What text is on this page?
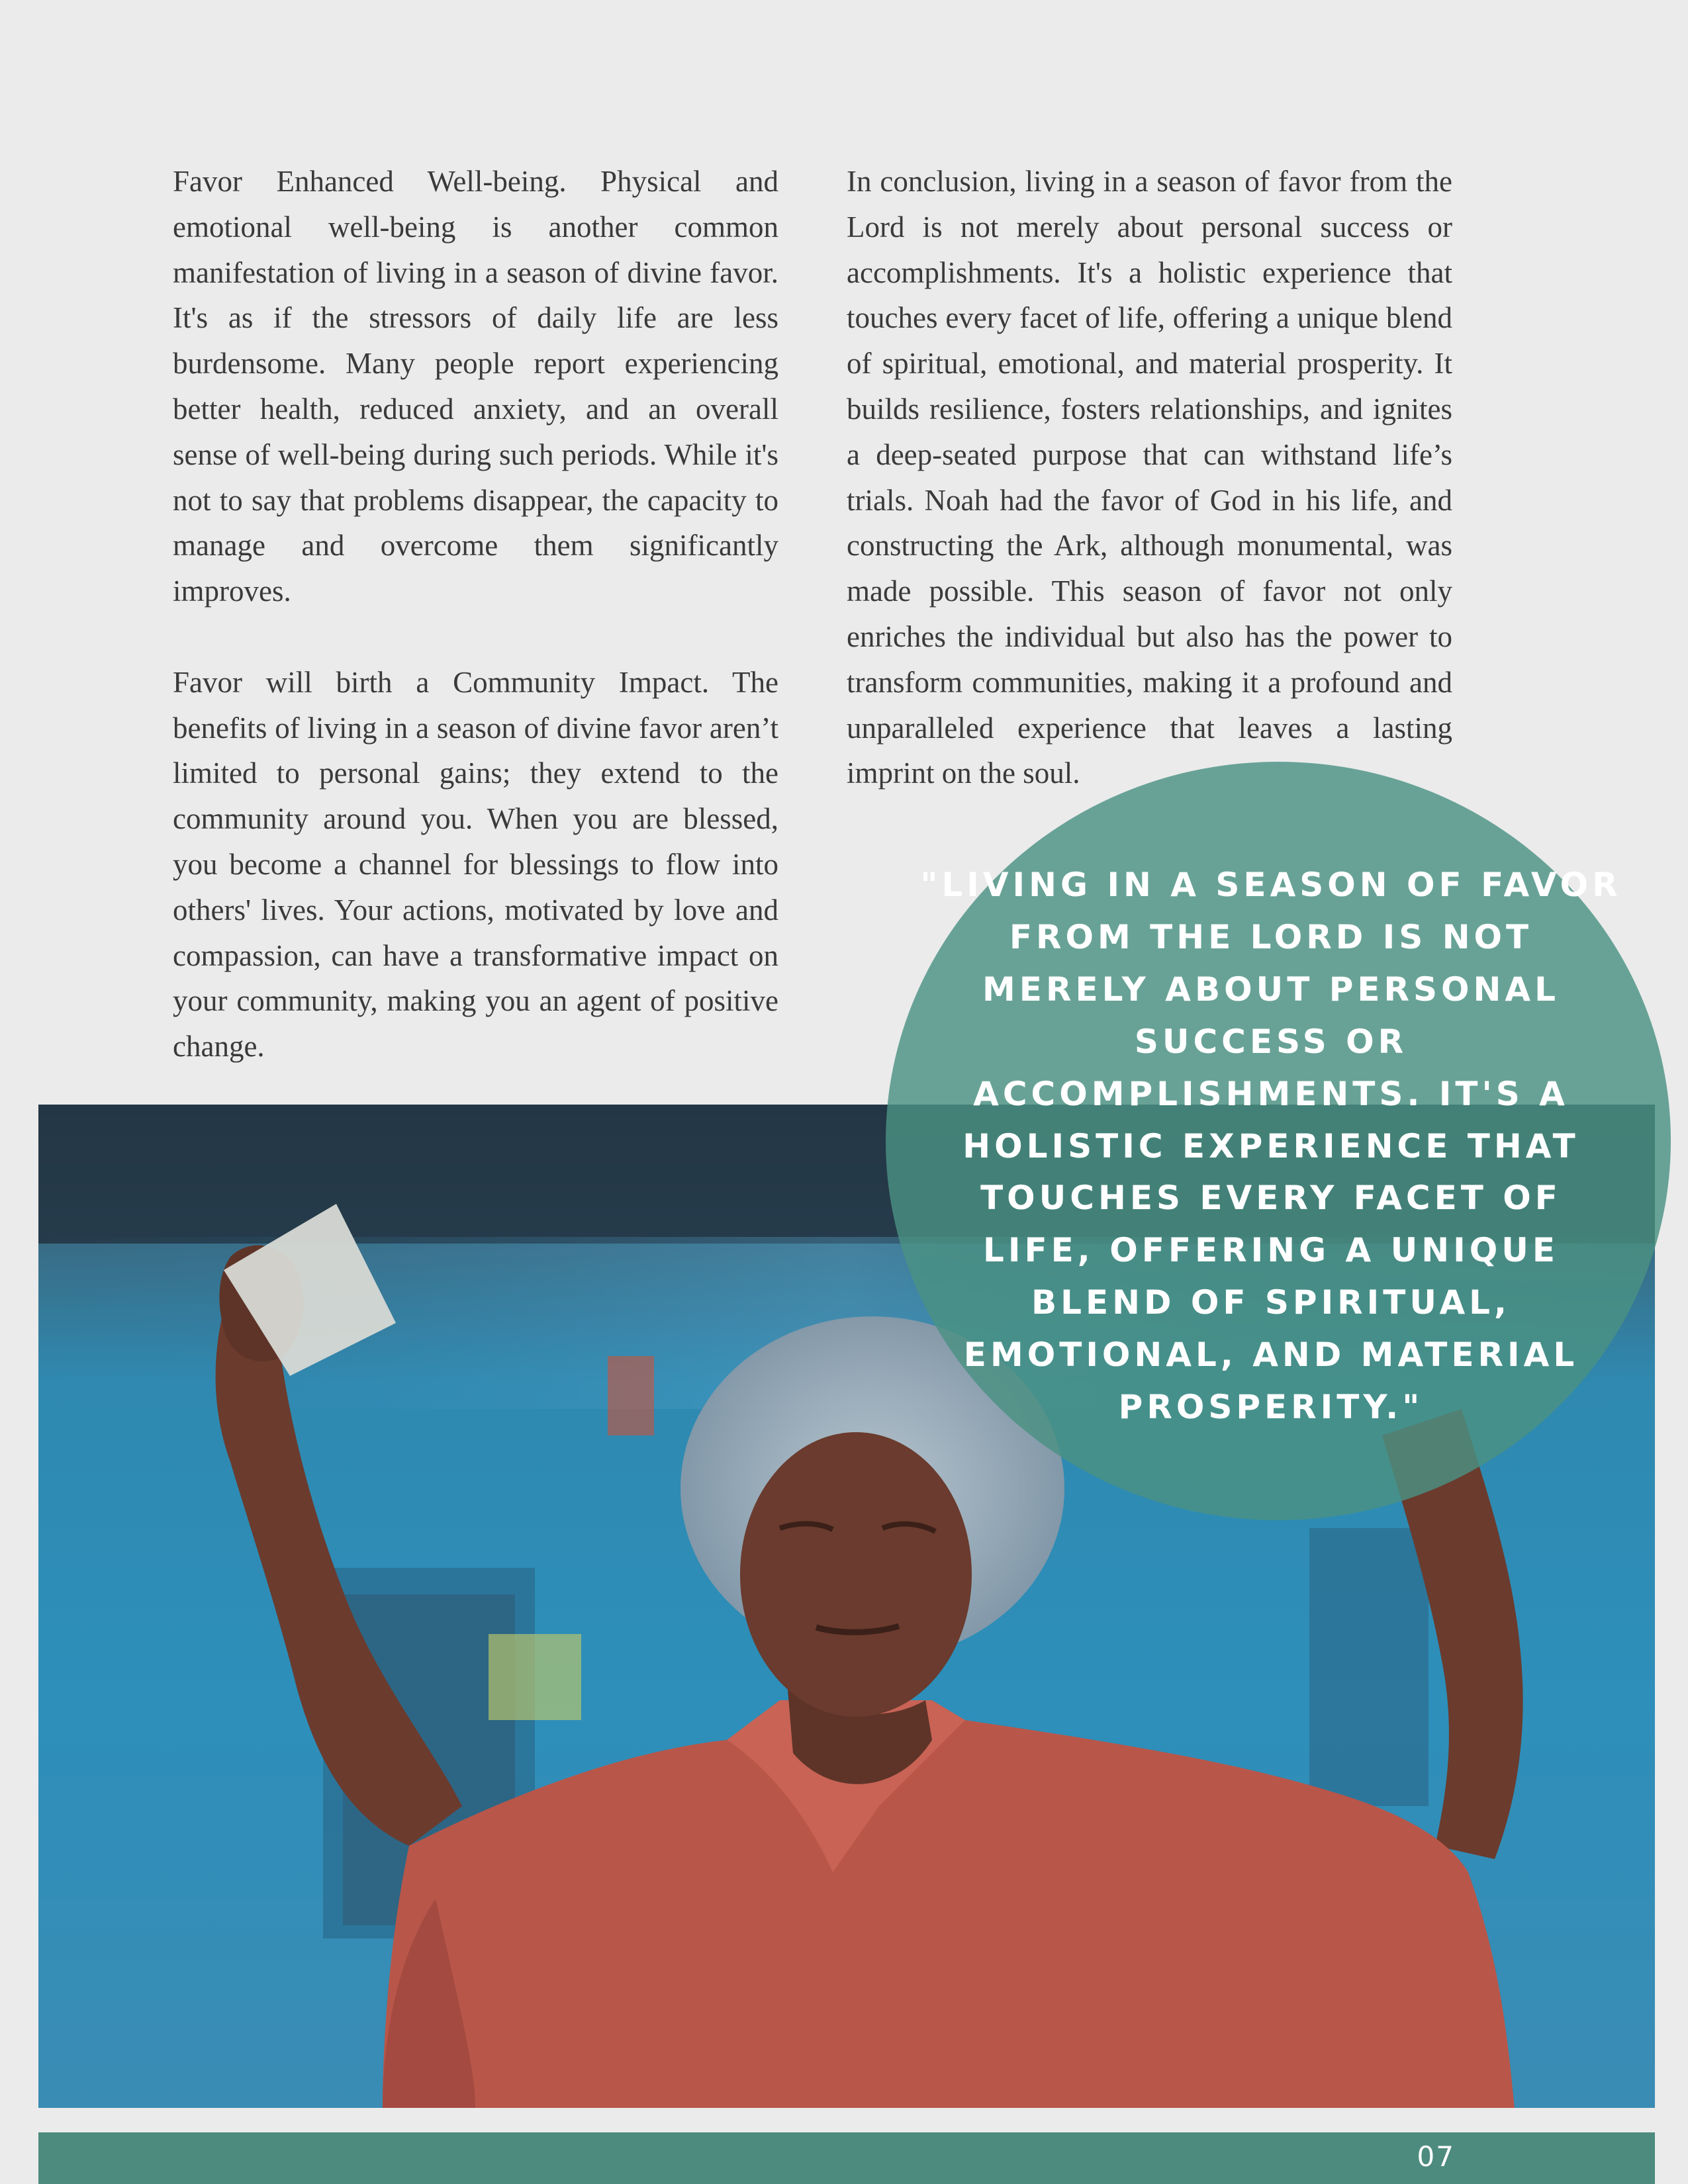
Favor Enhanced Well-being. Physical and emotional well-being is another common manifestation of living in a season of divine favor. It's as if the stressors of daily life are less burdensome. Many people report experiencing better health, reduced anxiety, and an overall sense of well-being during such periods. While it's not to say that problems disappear, the capacity to manage and overcome them significantly improves.

Favor will birth a Community Impact. The benefits of living in a season of divine favor aren’t limited to personal gains; they extend to the community around you. When you are blessed, you become a channel for blessings to flow into others' lives. Your actions, motivated by love and compassion, can have a transformative impact on your community, making you an agent of positive change.

In conclusion, living in a season of favor from the Lord is not merely about personal success or accomplishments. It's a holistic experience that touches every facet of life, offering a unique blend of spiritual, emotional, and material prosperity. It builds resilience, fosters relationships, and ignites a deep-seated purpose that can withstand life’s trials. Noah had the favor of God in his life, and constructing the Ark, although monumental, was made possible. This season of favor not only enriches the individual but also has the power to transform communities, making it a profound and unparalleled experience that leaves a lasting imprint on the soul.

"LIVING IN A SEASON OF FAVOR FROM THE LORD IS NOT MERELY ABOUT PERSONAL SUCCESS OR ACCOMPLISHMENTS. IT'S A HOLISTIC EXPERIENCE THAT TOUCHES EVERY FACET OF LIFE, OFFERING A UNIQUE BLEND OF SPIRITUAL, EMOTIONAL, AND MATERIAL PROSPERITY."

07
